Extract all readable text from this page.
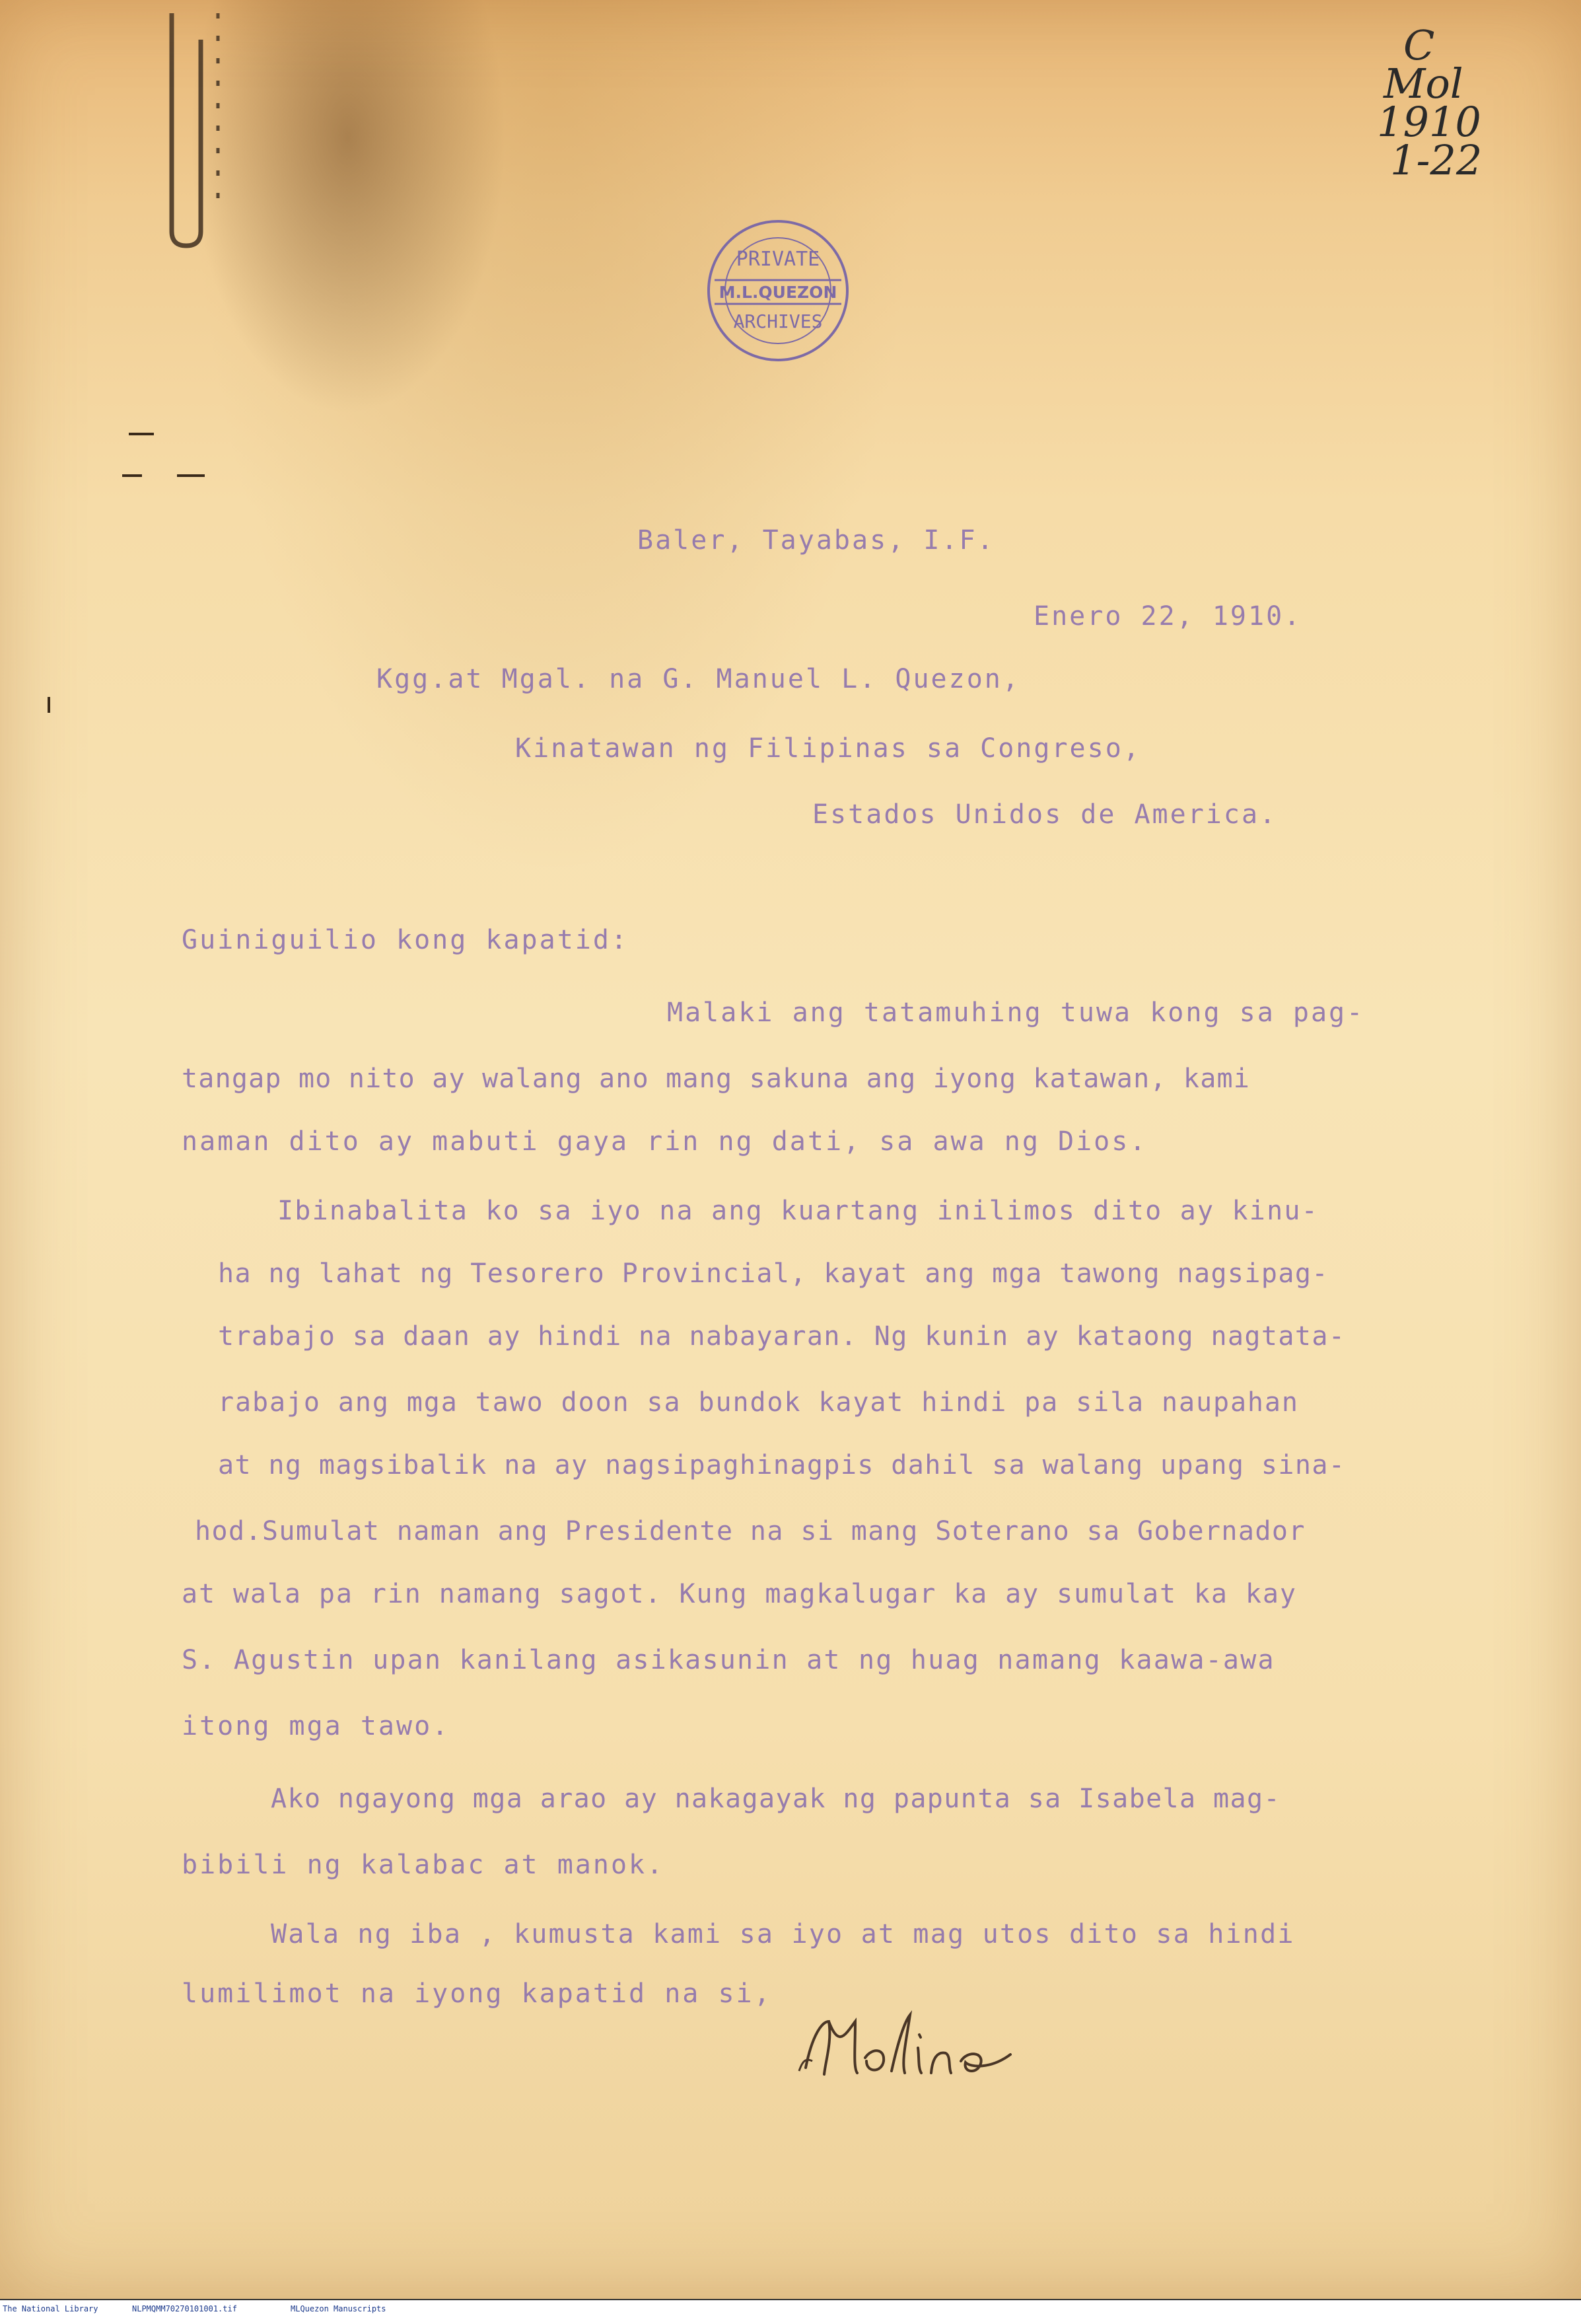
C
Mol
1910
1-22
PRIVATE
M.L.QUEZON
ARCHIVES
Baler, Tayabas, I.F.
Enero 22, 1910.
Kgg.at Mgal. na G. Manuel L. Quezon,
Kinatawan ng Filipinas sa Congreso,
Estados Unidos de America.
Guiniguilio kong kapatid:
Malaki ang tatamuhing tuwa kong sa pag-
tangap mo nito ay walang ano mang sakuna ang iyong katawan, kami
naman dito ay mabuti gaya rin ng dati, sa awa ng Dios.
Ibinabalita ko sa iyo na ang kuartang inilimos dito ay kinu-
ha ng lahat ng Tesorero Provincial, kayat ang mga tawong nagsipag-
trabajo sa daan ay hindi na nabayaran. Ng kunin ay kataong nagtata-
rabajo ang mga tawo doon sa bundok kayat hindi pa sila naupahan
at ng magsibalik na ay nagsipaghinagpis dahil sa walang upang sina-
hod.Sumulat naman ang Presidente na si mang Soterano sa Gobernador
at wala pa rin namang sagot. Kung magkalugar ka ay sumulat ka kay
S. Agustin upan kanilang asikasunin at ng huag namang kaawa-awa
itong mga tawo.
Ako ngayong mga arao ay nakagayak ng papunta sa Isabela mag-
bibili ng kalabac at manok.
Wala ng iba , kumusta kami sa iyo at mag utos dito sa hindi
lumilimot na iyong kapatid na si,
The National Library	NLPMQMM70270101001.tif	MLQuezon Manuscripts
